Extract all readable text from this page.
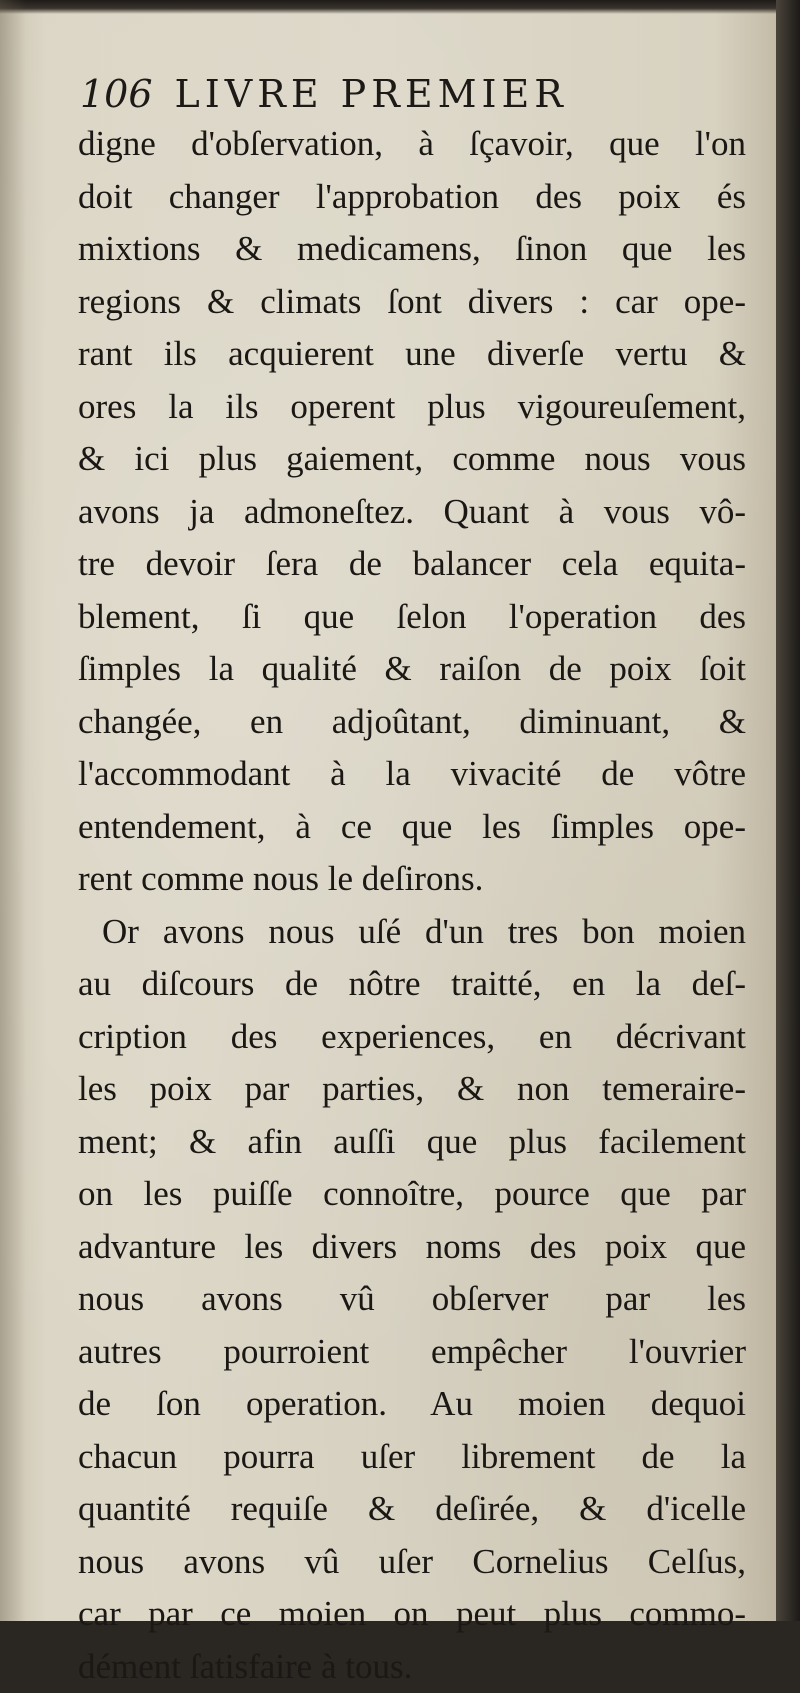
106 LIVRE PREMIER
digne d'obſervation, à ſçavoir, que l'on
doit changer l'approbation des poix és
mixtions & medicamens, ſinon que les
regions & climats ſont divers : car ope-
rant ils acquierent une diverſe vertu &
ores la ils operent plus vigoureuſement,
& ici plus gaiement, comme nous vous
avons ja admoneſtez. Quant à vous vô-
tre devoir ſera de balancer cela equita-
blement, ſi que ſelon l'operation des
ſimples la qualité & raiſon de poix ſoit
changée, en adjoûtant, diminuant, &
l'accommodant à la vivacité de vôtre
entendement, à ce que les ſimples ope-
rent comme nous le deſirons.
Or avons nous uſé d'un tres bon moien
au diſcours de nôtre traitté, en la deſ-
cription des experiences, en décrivant
les poix par parties, & non temeraire-
ment; & afin auſſi que plus facilement
on les puiſſe connoître, pource que par
advanture les divers noms des poix que
nous avons vû obſerver par les
autres pourroient empêcher l'ouvrier
de ſon operation. Au moien dequoi
chacun pourra uſer librement de la
quantité requiſe & deſirée, & d'icelle
nous avons vû uſer Cornelius Celſus,
car par ce moien on peut plus commo-
dément ſatisfaire à tous.
